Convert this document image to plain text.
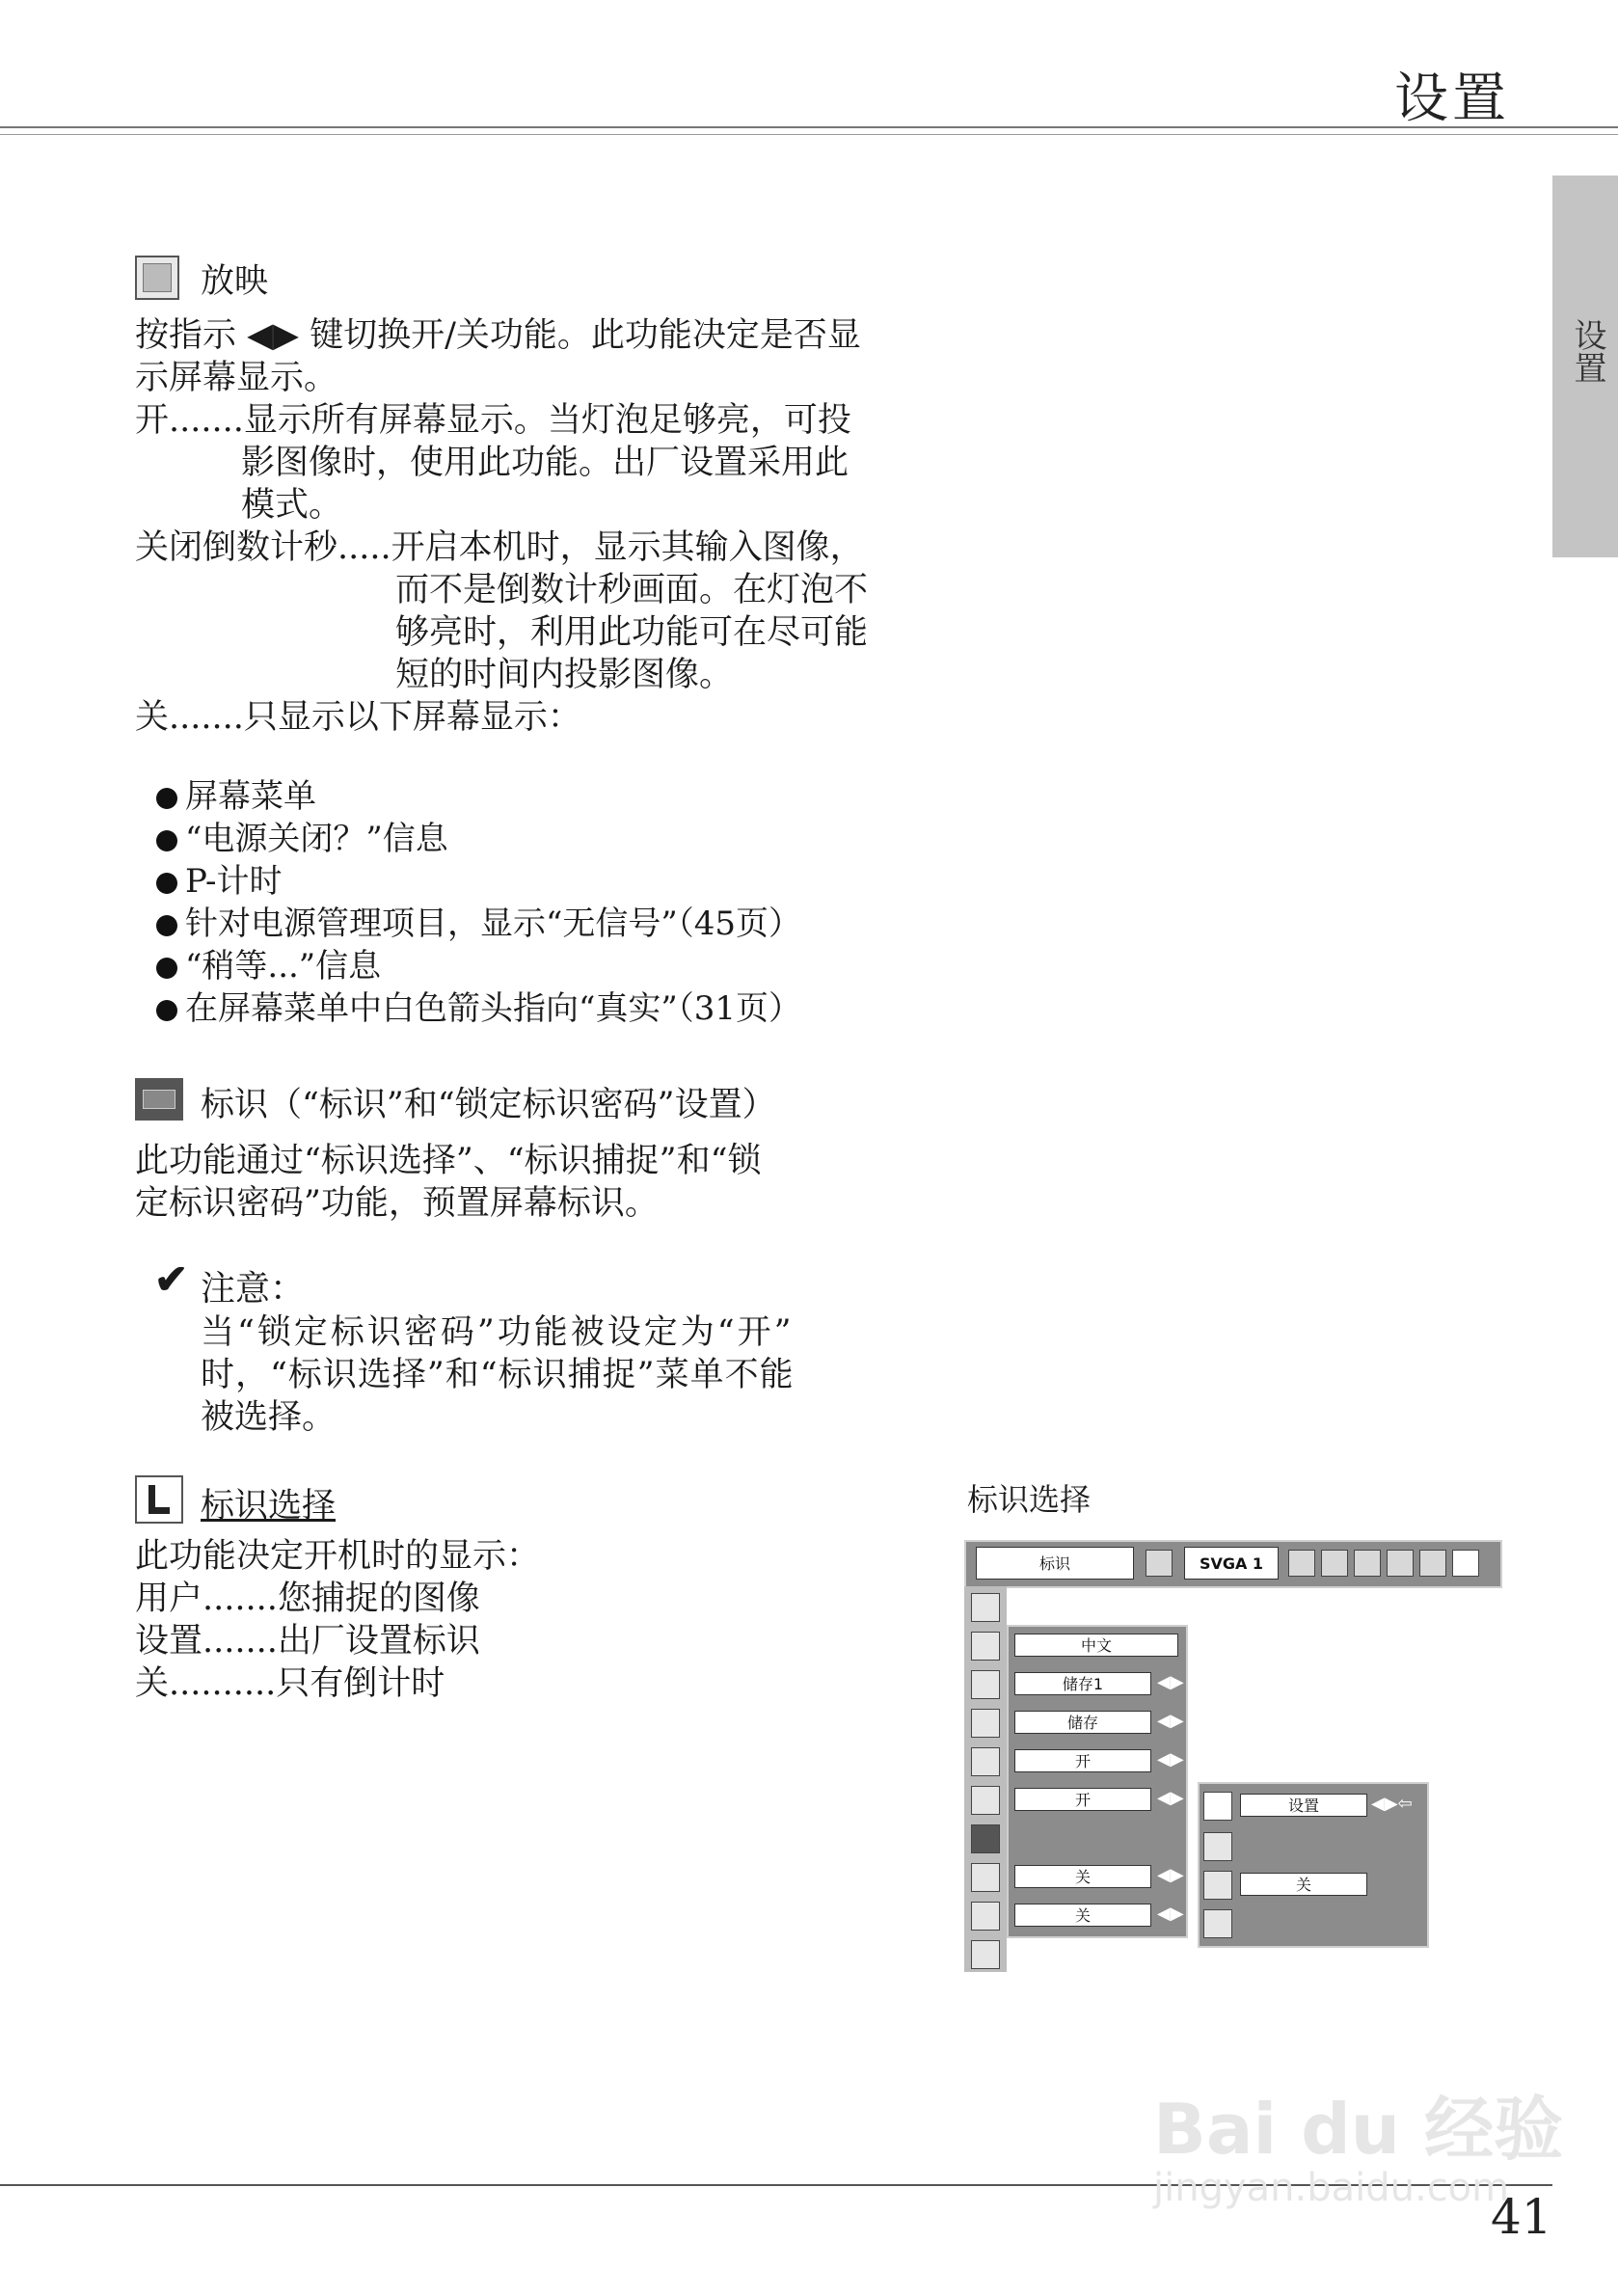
设置
设置
放映
按指示 ◀▶ 键切换开/关功能。此功能决定是否显
示屏幕显示。
开.......显示所有屏幕显示。当灯泡足够亮，可投
影图像时，使用此功能。出厂设置采用此
模式。
关闭倒数计秒.....开启本机时，显示其输入图像，
而不是倒数计秒画面。在灯泡不
够亮时，利用此功能可在尽可能
短的时间内投影图像。
关.......只显示以下屏幕显示：
屏幕菜单
“电源关闭？”信息
P-计时
针对电源管理项目，显示“无信号”（45页）
“稍等...”信息
在屏幕菜单中白色箭头指向“真实”（31页）
标识（“标识”和“锁定标识密码”设置）
此功能通过“标识选择”、“标识捕捉”和“锁
定标识密码”功能，预置屏幕标识。
✔ 注意：
当“锁定标识密码”功能被设定为“开”
时，“标识选择”和“标识捕捉”菜单不能
被选择。
标识选择
此功能决定开机时的显示：
用户.......您捕捉的图像
设置.......出厂设置标识
关..........只有倒计时
标识选择
标识	SVGA 1
中文
储存1	◀▶
储存	◀▶
开	◀▶
开	◀▶
关	◀▶
关	◀▶
设置	◀▶⇦
关
41
Bai du 经验
jingyan.baidu.com
